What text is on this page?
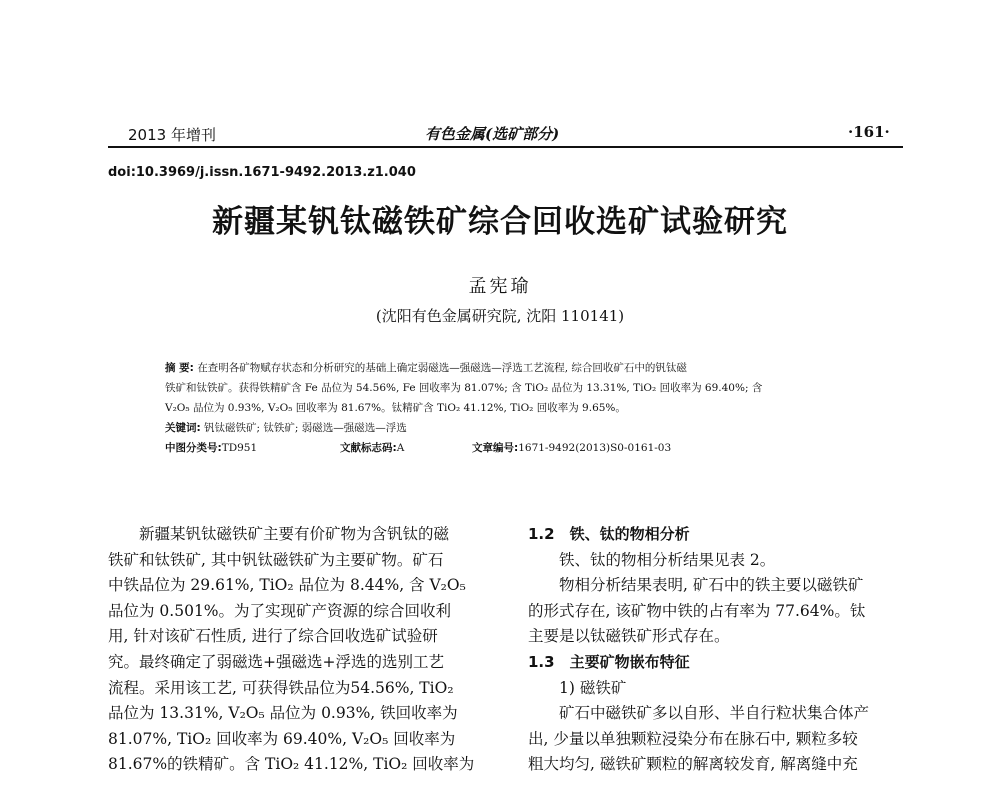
2013 年增刊	有色金属(选矿部分)	·161·
doi:10.3969/j.issn.1671-9492.2013.z1.040
新疆某钒钛磁铁矿综合回收选矿试验研究
孟宪瑜
(沈阳有色金属研究院, 沈阳 110141)

摘 要: 在查明各矿物赋存状态和分析研究的基础上确定弱磁选—强磁选—浮选工艺流程, 综合回收矿石中的钒钛磁

铁矿和钛铁矿。获得铁精矿含 Fe 品位为 54.56%, Fe 回收率为 81.07%; 含 TiO₂ 品位为 13.31%, TiO₂ 回收率为 69.40%; 含

V₂O₅ 品位为 0.93%, V₂O₅ 回收率为 81.67%。钛精矿含 TiO₂ 41.12%, TiO₂ 回收率为 9.65%。

关键词: 钒钛磁铁矿; 钛铁矿; 弱磁选—强磁选—浮选

中图分类号:TD951	文献标志码:A	文章编号:1671-9492(2013)S0-0161-03

　　新疆某钒钛磁铁矿主要有价矿物为含钒钛的磁

铁矿和钛铁矿, 其中钒钛磁铁矿为主要矿物。矿石

中铁品位为 29.61%, TiO₂ 品位为 8.44%, 含 V₂O₅

品位为 0.501%。为了实现矿产资源的综合回收利

用, 针对该矿石性质, 进行了综合回收选矿试验研

究。最终确定了弱磁选+强磁选+浮选的选别工艺

流程。采用该工艺, 可获得铁品位为54.56%, TiO₂

品位为 13.31%, V₂O₅ 品位为 0.93%, 铁回收率为

81.07%, TiO₂ 回收率为 69.40%, V₂O₅ 回收率为

81.67%的铁精矿。含 TiO₂ 41.12%, TiO₂ 回收率为

1.2　铁、钛的物相分析

　　铁、钛的物相分析结果见表 2。

　　物相分析结果表明, 矿石中的铁主要以磁铁矿

的形式存在, 该矿物中铁的占有率为 77.64%。钛

主要是以钛磁铁矿形式存在。

1.3　主要矿物嵌布特征

　　1) 磁铁矿

　　矿石中磁铁矿多以自形、半自行粒状集合体产

出, 少量以单独颗粒浸染分布在脉石中, 颗粒多较

粗大均匀, 磁铁矿颗粒的解离较发育, 解离缝中充
